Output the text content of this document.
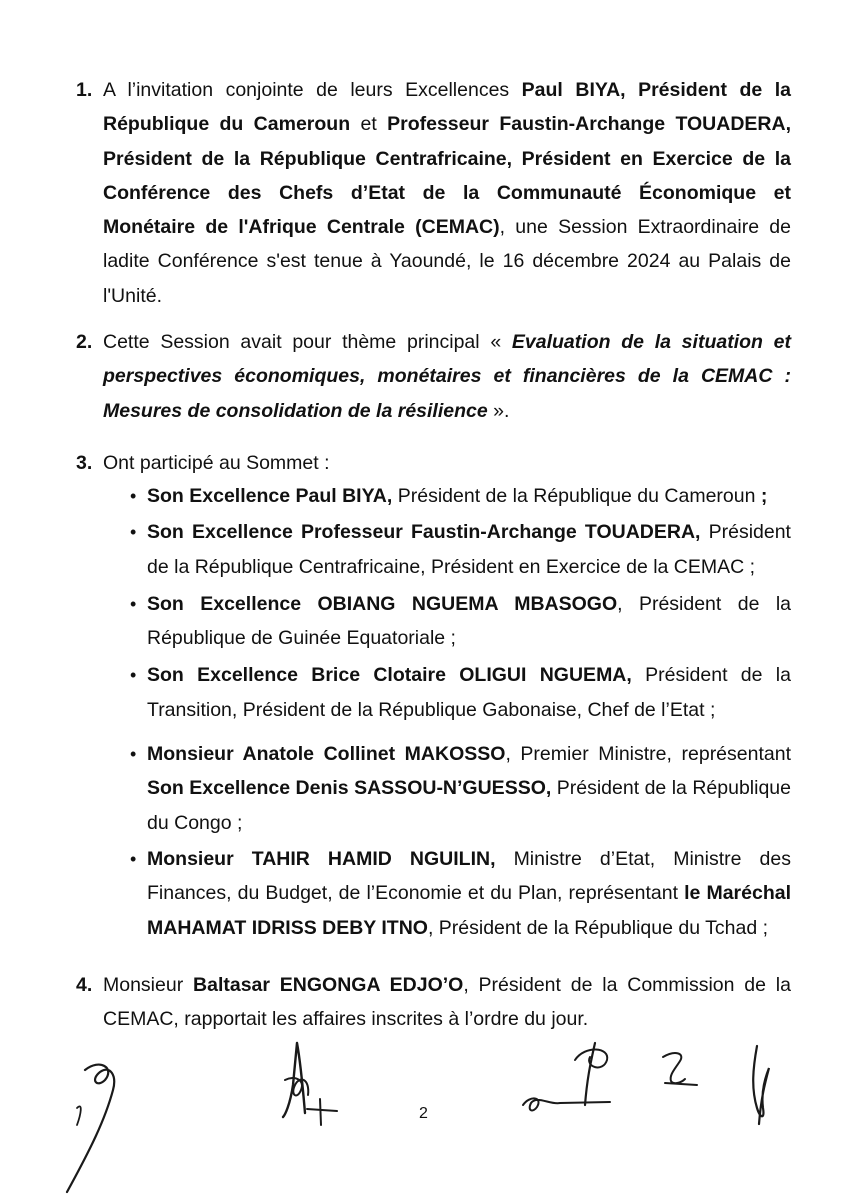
1. A l’invitation conjointe de leurs Excellences Paul BIYA, Président de la République du Cameroun et Professeur Faustin-Archange TOUADERA, Président de la République Centrafricaine, Président en Exercice de la Conférence des Chefs d’Etat de la Communauté Économique et Monétaire de l'Afrique Centrale (CEMAC), une Session Extraordinaire de ladite Conférence s'est tenue à Yaoundé, le 16 décembre 2024 au Palais de l'Unité.
2. Cette Session avait pour thème principal « Evaluation de la situation et perspectives économiques, monétaires et financières de la CEMAC : Mesures de consolidation de la résilience ».
3. Ont participé au Sommet :
• Son Excellence Paul BIYA, Président de la République du Cameroun ;
• Son Excellence Professeur Faustin-Archange TOUADERA, Président de la République Centrafricaine, Président en Exercice de la CEMAC ;
• Son Excellence OBIANG NGUEMA MBASOGO, Président de la République de Guinée Equatoriale ;
• Son Excellence Brice Clotaire OLIGUI NGUEMA, Président de la Transition, Président de la République Gabonaise, Chef de l’Etat ;
• Monsieur Anatole Collinet MAKOSSO, Premier Ministre, représentant Son Excellence Denis SASSOU-N’GUESSO, Président de la République du Congo ;
• Monsieur TAHIR HAMID NGUILIN, Ministre d’Etat, Ministre des Finances, du Budget, de l’Economie et du Plan, représentant le Maréchal MAHAMAT IDRISS DEBY ITNO, Président de la République du Tchad ;
4. Monsieur Baltasar ENGONGA EDJO’O, Président de la Commission de la CEMAC, rapportait les affaires inscrites à l’ordre du jour.
2
